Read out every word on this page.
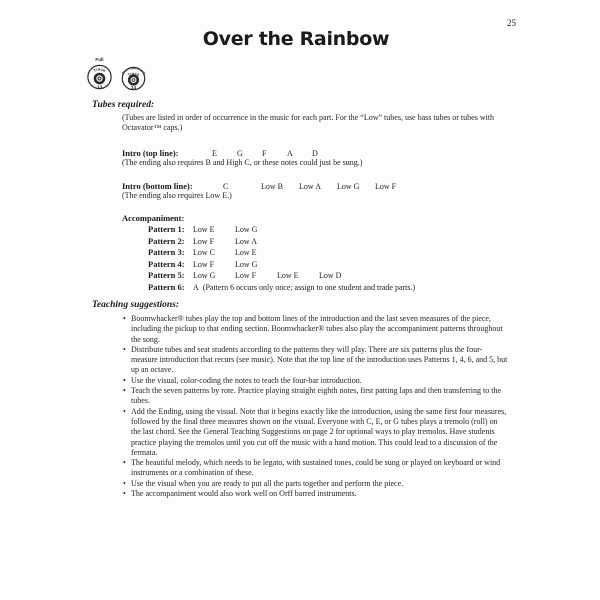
25
Over the Rainbow
Full
Track
13
Accompaniment
Track
14
Tubes required:
(Tubes are listed in order of occurrence in the music for each part. For the “Low” tubes, use bass tubes or tubes with Octavator™ caps.)
Intro (top line):	E	G F	A D
(The ending also requires B and High C, or these notes could just be sung.)
Intro (bottom line):	C	Low B Low A Low G Low F
(The ending also requires Low E.)
Accompaniment:
Pattern 1: Low E	Low G
Pattern 2: Low F	Low A
Pattern 3: Low C	Low E
Pattern 4: Low F	Low G
Pattern 5: Low G Low F	Low E	Low D
Pattern 6: A (Pattern 6 occurs only once; assign to one student and trade parts.)
Teaching suggestions:
• Boomwhacker® tubes play the top and bottom lines of the introduction and the last seven measures of the piece, including the pickup to that ending section. Boomwhacker® tubes also play the accompaniment patterns throughout the song.
• Distribute tubes and seat students according to the patterns they will play. There are six patterns plus the four-measure introduction that recurs (see music). Note that the top line of the introduction uses Patterns 1, 4, 6, and 5, but up an octave.
• Use the visual, color-coding the notes to teach the four-bar introduction.
• Teach the seven patterns by rote. Practice playing straight eighth notes, first patting laps and then transferring to the tubes.
• Add the Ending, using the visual. Note that it begins exactly like the introduction, using the same first four measures, followed by the final three measures shown on the visual. Everyone with C, E, or G tubes plays a tremolo (roll) on the last chord. See the General Teaching Suggestions on page 2 for optional ways to play tremolos. Have students practice playing the tremolos until you cut off the music with a hand motion. This could lead to a discussion of the fermata.
• The beautiful melody, which needs to be legato, with sustained tones, could be sung or played on keyboard or wind instruments or a combination of these.
• Use the visual when you are ready to put all the parts together and perform the piece.
• The accompaniment would also work well on Orff barred instruments.
